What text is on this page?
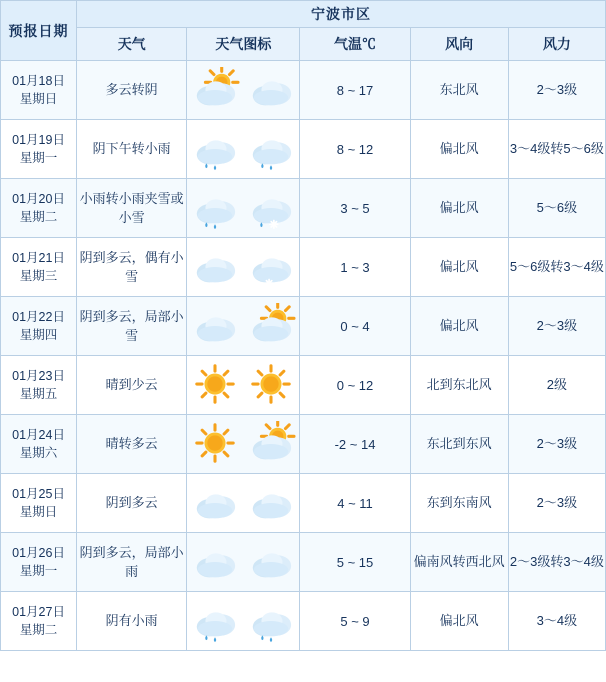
预报日期	宁波市区				
	天气	天气图标	气温℃	风向	风力

01月18日
星期日	多云转阴		8 ~ 17	东北风	2～3级

01月19日
星期一	阴下午转小雨		8 ~ 12	偏北风	3～4级转5～6级

01月20日
星期二	小雨转小雨夹雪或小雪		3 ~ 5	偏北风	5～6级

01月21日
星期三	阴到多云，偶有小雪		1 ~ 3	偏北风	5～6级转3～4级

01月22日
星期四	阴到多云，局部小雪		0 ~ 4	偏北风	2～3级

01月23日
星期五	晴到少云		0 ~ 12	北到东北风	2级

01月24日
星期六	晴转多云		-2 ~ 14	东北到东风	2～3级

01月25日
星期日	阴到多云		4 ~ 11	东到东南风	2～3级

01月26日
星期一	阴到多云，局部小雨		5 ~ 15	偏南风转西北风	2～3级转3～4级

01月27日
星期二	阴有小雨		5 ~ 9	偏北风	3～4级
